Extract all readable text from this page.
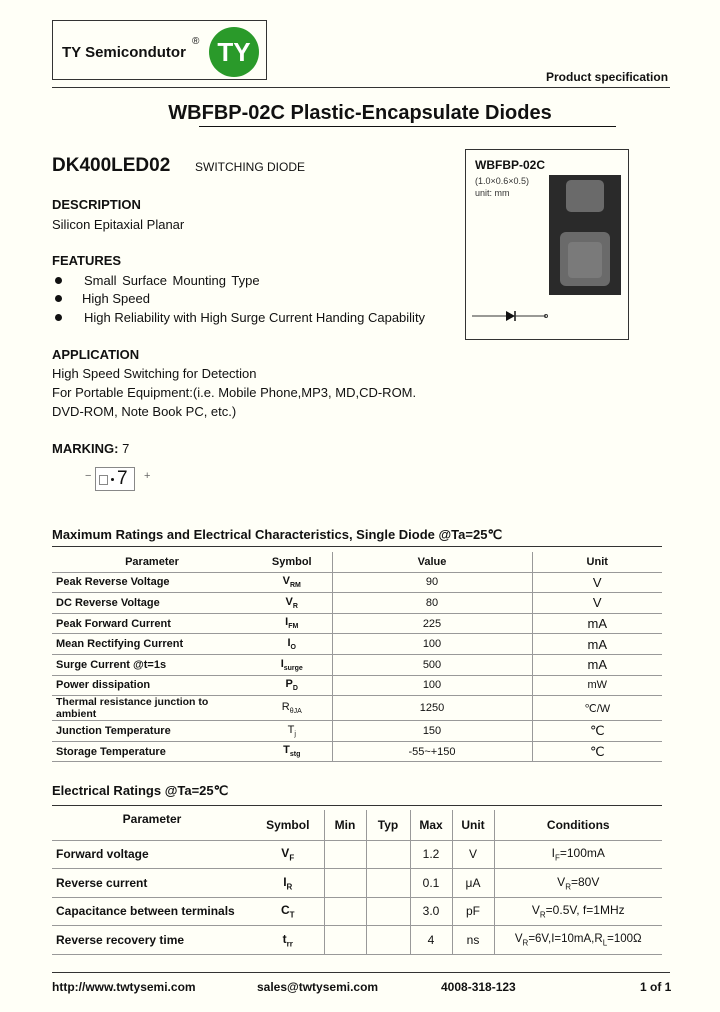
TY Semicondutor
® TY
Product specification
WBFBP-02C Plastic-Encapsulate Diodes
DK400LED02 SWITCHING DIODE
DESCRIPTION
Silicon Epitaxial Planar
FEATURES
Small Surface Mounting Type
High Speed
High Reliability with High Surge Current Handing Capability
APPLICATION
High Speed Switching for Detection
For Portable Equipment:(i.e. Mobile Phone,MP3, MD,CD-ROM.
DVD-ROM, Note Book PC, etc.)
MARKING: 7
− 7 +
WBFBP-02C
(1.0×0.6×0.5)
unit: mm
Maximum Ratings and Electrical Characteristics, Single Diode @Ta=25℃
Parameter	Symbol	Value	Unit
Peak Reverse Voltage	$V_{RM}$	90	V
DC Reverse Voltage	$V_R$	80	V
Peak Forward Current	$I_{FM}$	225	mA
Mean Rectifying Current	$I_O$	100	mA
Surge Current @t=1s	$I_{surge}$	500	mA
Power dissipation	$P_D$	100	mW
Thermal resistance junction to ambient	$R_{\theta JA}$	1250	℃/W
Junction Temperature	$T_j$	150	℃
Storage Temperature	$T_{stg}$	-55~+150	℃
Electrical Ratings @Ta=25℃
Parameter	Symbol	Min	Typ	Max	Unit	Conditions
Forward voltage	$V_F$			1.2	V	$I_F=100mA$
Reverse current	$I_R$			0.1	μA	$V_R=80V$
Capacitance between terminals	$C_T$			3.0	pF	$V_R=0.5V$, f=1MHz
Reverse recovery time	$t_{rr}$			4	ns	$V_R=6V,I=10mA,R_L=100\Omega$
http://www.twtysemi.com	sales@twtysemi.com	4008-318-123	1 of 1
